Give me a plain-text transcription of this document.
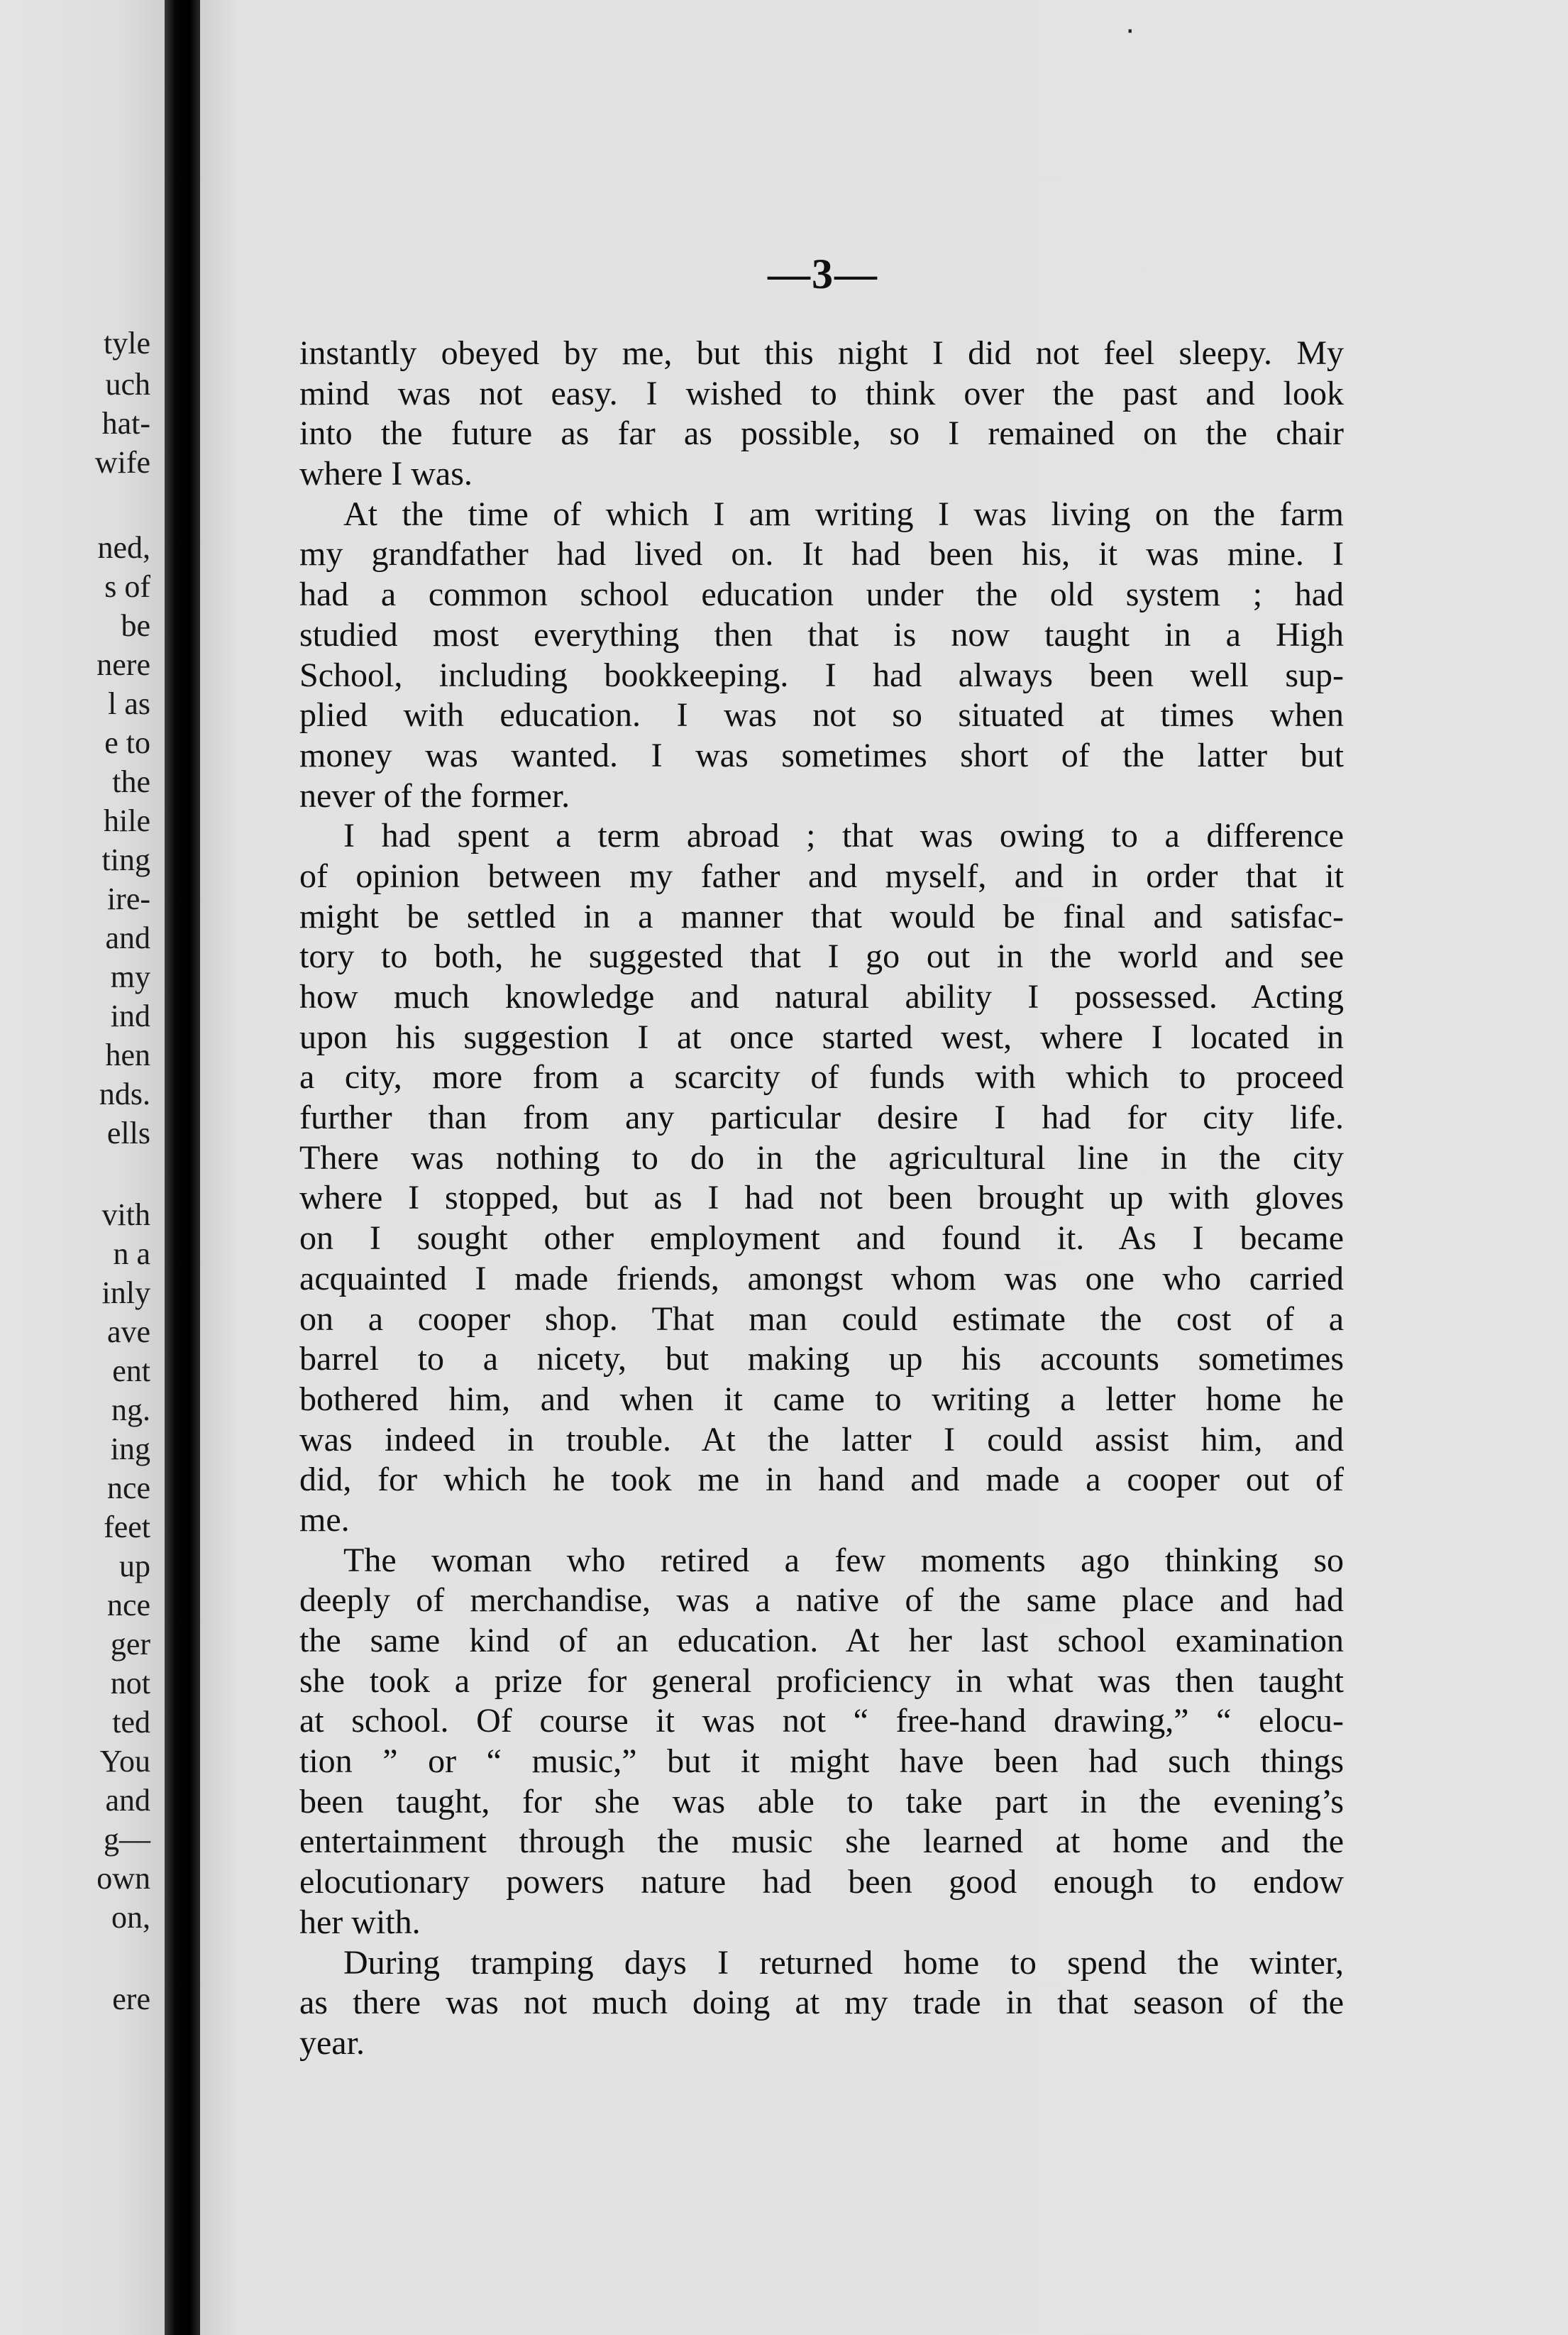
tyle
uch
hat-
wife
ned,
s of
be
nere
l as
e to
the
hile
ting
ire-
and
my
ind
hen
nds.
ells
vith
n a
inly
ave
ent
ng.
ing
nce
feet
up
nce
ger
not
ted
You
and
g—
own
on,
ere
٠
—3—
instantly obeyed by me, but this night I did not feel sleepy. My
mind was not easy. I wished to think over the past and look
into the future as far as possible, so I remained on the chair
where I was.
At the time of which I am writing I was living on the farm
my grandfather had lived on. It had been his, it was mine. I
had a common school education under the old system ; had
studied most everything then that is now taught in a High
School, including bookkeeping. I had always been well sup-
plied with education. I was not so situated at times when
money was wanted. I was sometimes short of the latter but
never of the former.
I had spent a term abroad ; that was owing to a difference
of opinion between my father and myself, and in order that it
might be settled in a manner that would be final and satisfac-
tory to both, he suggested that I go out in the world and see
how much knowledge and natural ability I possessed. Acting
upon his suggestion I at once started west, where I located in
a city, more from a scarcity of funds with which to proceed
further than from any particular desire I had for city life.
There was nothing to do in the agricultural line in the city
where I stopped, but as I had not been brought up with gloves
on I sought other employment and found it. As I became
acquainted I made friends, amongst whom was one who carried
on a cooper shop. That man could estimate the cost of a
barrel to a nicety, but making up his accounts sometimes
bothered him, and when it came to writing a letter home he
was indeed in trouble. At the latter I could assist him, and
did, for which he took me in hand and made a cooper out of
me.
The woman who retired a few moments ago thinking so
deeply of merchandise, was a native of the same place and had
the same kind of an education. At her last school examination
she took a prize for general proficiency in what was then taught
at school. Of course it was not “ free-hand drawing,” “ elocu-
tion ” or “ music,” but it might have been had such things
been taught, for she was able to take part in the evening’s
entertainment through the music she learned at home and the
elocutionary powers nature had been good enough to endow
her with.
During tramping days I returned home to spend the winter,
as there was not much doing at my trade in that season of the
year.
